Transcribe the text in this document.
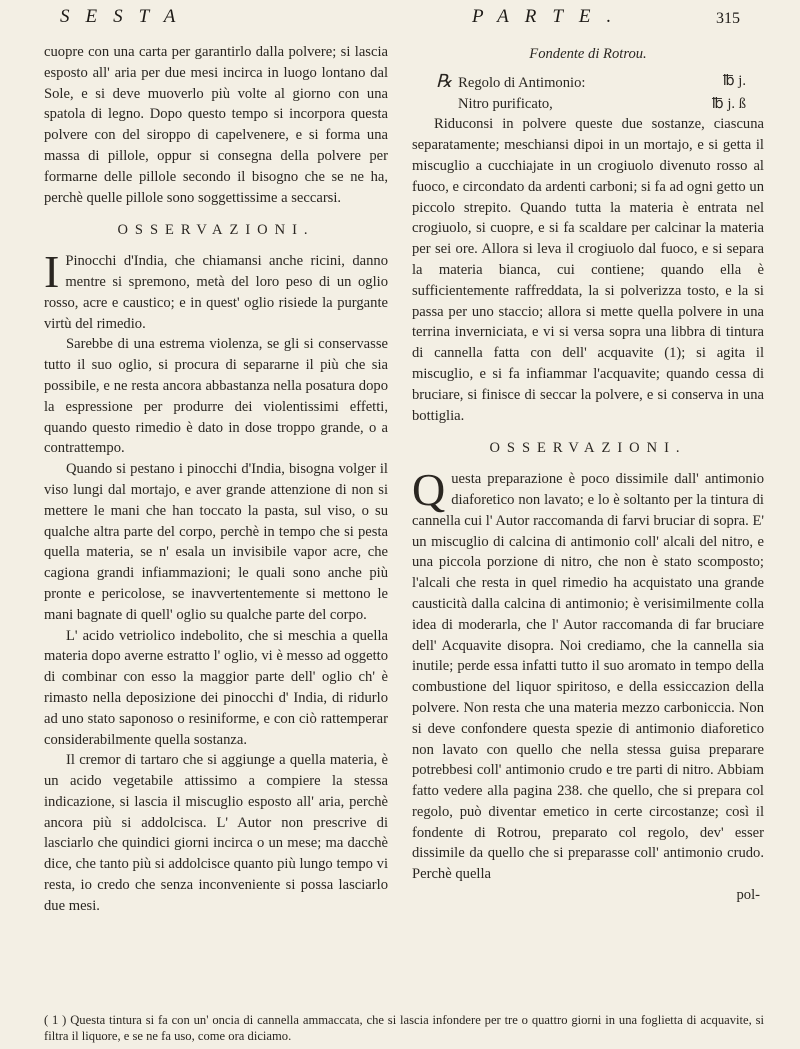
SESTA	PARTE.	315

cuopre con una carta per garantirlo dalla polvere; si lascia esposto all' aria per due mesi incirca in luogo lontano dal Sole, e si deve muoverlo più volte al giorno con una spatola di legno. Dopo questo tempo si incorpora questa polvere con del siroppo di capelvenere, e si forma una massa di pillole, oppur si consegna della polvere per formarne delle pillole secondo il bisogno che se ne ha, perchè quelle pillole sono soggettissime a seccarsi.

OSSERVAZIONI.

I Pinocchi d'India, che chiamansi anche ricini, danno mentre si spremono, metà del loro peso di un oglio rosso, acre e caustico; e in quest' oglio risiede la purgante virtù del rimedio.

Sarebbe di una estrema violenza, se gli si conservasse tutto il suo oglio, si procura di separarne il più che sia possibile, e ne resta ancora abbastanza nella posatura dopo la espressione per produrre dei violentissimi effetti, quando questo rimedio è dato in dose troppo grande, o a contrattempo.

Quando si pestano i pinocchi d'India, bisogna volger il viso lungi dal mortajo, e aver grande attenzione di non si mettere le mani che han toccato la pasta, sul viso, o su qualche altra parte del corpo, perchè in tempo che si pesta quella materia, se n' esala un invisibile vapor acre, che cagiona grandi infiammazioni; le quali sono anche più pronte e pericolose, se inavvertentemente si mettono le mani bagnate di quell' oglio su qualche parte del corpo.

L' acido vetriolico indebolito, che si meschia a quella materia dopo averne estratto l' oglio, vi è messo ad oggetto di combinar con esso la maggior parte dell' oglio ch' è rimasto nella deposizione dei pinocchi d' India, di ridurlo ad uno stato saponoso o resiniforme, e con ciò rattemperar considerabilmente quella sostanza.

Il cremor di tartaro che si aggiunge a quella materia, è un acido vegetabile attissimo a compiere la stessa indicazione, si lascia il miscuglio esposto all' aria, perchè ancora più si addolcisca. L' Autor non prescrive di lasciarlo che quindici giorni incirca o un mese; ma dacchè dice, che tanto più si addolcisce quanto più lungo tempo vi resta, io credo che senza inconveniente si possa lasciarlo due mesi.

Fondente di Rotrou.

℞ Regolo di Antimonio:	℔ j.
Nitro purificato,	℔ j. ß

Riduconsi in polvere queste due sostanze, ciascuna separatamente; meschiansi dipoi in un mortajo, e si getta il miscuglio a cucchiajate in un crogiuolo divenuto rosso al fuoco, e circondato da ardenti carboni; si fa ad ogni getto un piccolo strepito. Quando tutta la materia è entrata nel crogiuolo, si cuopre, e si fa scaldare per calcinar la materia per sei ore. Allora si leva il crogiuolo dal fuoco, e si separa la materia bianca, cui contiene; quando ella è sufficientemente raffreddata, la si polverizza tosto, e la si passa per uno staccio; allora si mette quella polvere in una terrina inverniciata, e vi si versa sopra una libbra di tintura di cannella fatta con dell' acquavite (1); si agita il miscuglio, e si fa infiammar l'acquavite; quando cessa di bruciare, si finisce di seccar la polvere, e si conserva in una bottiglia.

OSSERVAZIONI.

Questa preparazione è poco dissimile dall' antimonio diaforetico non lavato; e lo è soltanto per la tintura di cannella cui l' Autor raccomanda di farvi bruciar di sopra. E' un miscuglio di calcina di antimonio coll' alcali del nitro, e una piccola porzione di nitro, che non è stato scomposto; l'alcali che resta in quel rimedio ha acquistato una grande causticità dalla calcina di antimonio; è verisimilmente colla idea di moderarla, che l' Autor raccomanda di far bruciare dell' Acquavite disopra. Noi crediamo, che la cannella sia inutile; perde essa infatti tutto il suo aromato in tempo della combustione del liquor spiritoso, e della essiccazion della polvere. Non resta che una materia mezzo carboniccia. Non si deve confondere questa spezie di antimonio diaforetico non lavato con quello che nella stessa guisa preparare potrebbesi coll' antimonio crudo e tre parti di nitro. Abbiam fatto vedere alla pagina 238. che quello, che si prepara col regolo, può diventar emetico in certe circostanze; così il fondente di Rotrou, preparato col regolo, dev' esser dissimile da quello che si preparasse coll' antimonio crudo. Perchè quella

pol-

( 1 ) Questa tintura si fa con un' oncia di cannella ammaccata, che si lascia infondere per tre o quattro giorni in una foglietta di acquavite, si filtra il liquore, e se ne fa uso, come ora diciamo.
